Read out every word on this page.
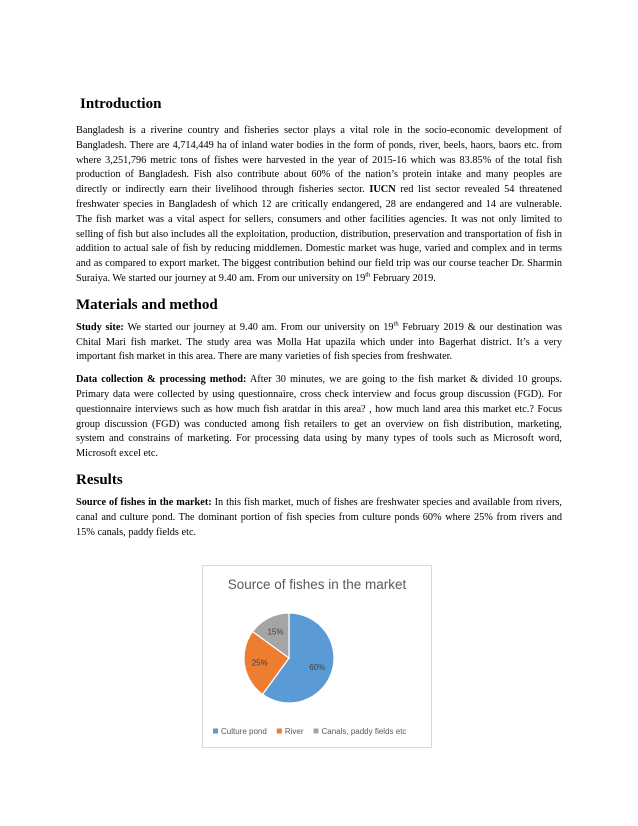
Introduction

Bangladesh is a riverine country and fisheries sector plays a vital role in the socio-economic development of Bangladesh. There are 4,714,449 ha of inland water bodies in the form of ponds, river, beels, haors, baors etc. from where 3,251,796 metric tons of fishes were harvested in the year of 2015-16 which was 83.85% of the total fish production of Bangladesh. Fish also contribute about 60% of the nation’s protein intake and many peoples are directly or indirectly earn their livelihood through fisheries sector. IUCN red list sector revealed 54 threatened freshwater species in Bangladesh of which 12 are critically endangered, 28 are endangered and 14 are vulnerable. The fish market was a vital aspect for sellers, consumers and other facilities agencies. It was not only limited to selling of fish but also includes all the exploitation, production, distribution, preservation and transportation of fish in addition to actual sale of fish by reducing middlemen. Domestic market was huge, varied and complex and in terms and as compared to export market. The biggest contribution behind our field trip was our course teacher Dr. Sharmin Suraiya. We started our journey at 9.40 am. From our university on 19th February 2019.

Materials and method

Study site: We started our journey at 9.40 am. From our university on 19th February 2019 & our destination was Chital Mari fish market. The study area was Molla Hat upazila which under into Bagerhat district. It’s a very important fish market in this area. There are many varieties of fish species from freshwater.

Data collection & processing method: After 30 minutes, we are going to the fish market & divided 10 groups. Primary data were collected by using questionnaire, cross check interview and focus group discussion (FGD). For questionnaire interviews such as how much fish aratdar in this area? , how much land area this market etc.? Focus group discussion (FGD) was conducted among fish retailers to get an overview on fish distribution, marketing, system and constrains of marketing. For processing data using by many types of tools such as Microsoft word, Microsoft excel etc.

Results

Source of fishes in the market: In this fish market, much of fishes are freshwater species and available from rivers, canal and culture pond. The dominant portion of fish species from culture ponds 60% where 25% from rivers and 15% canals, paddy fields etc.

Source of fishes in the market
60%
25%
15%
Culture pond River Canals, paddy fields etc
